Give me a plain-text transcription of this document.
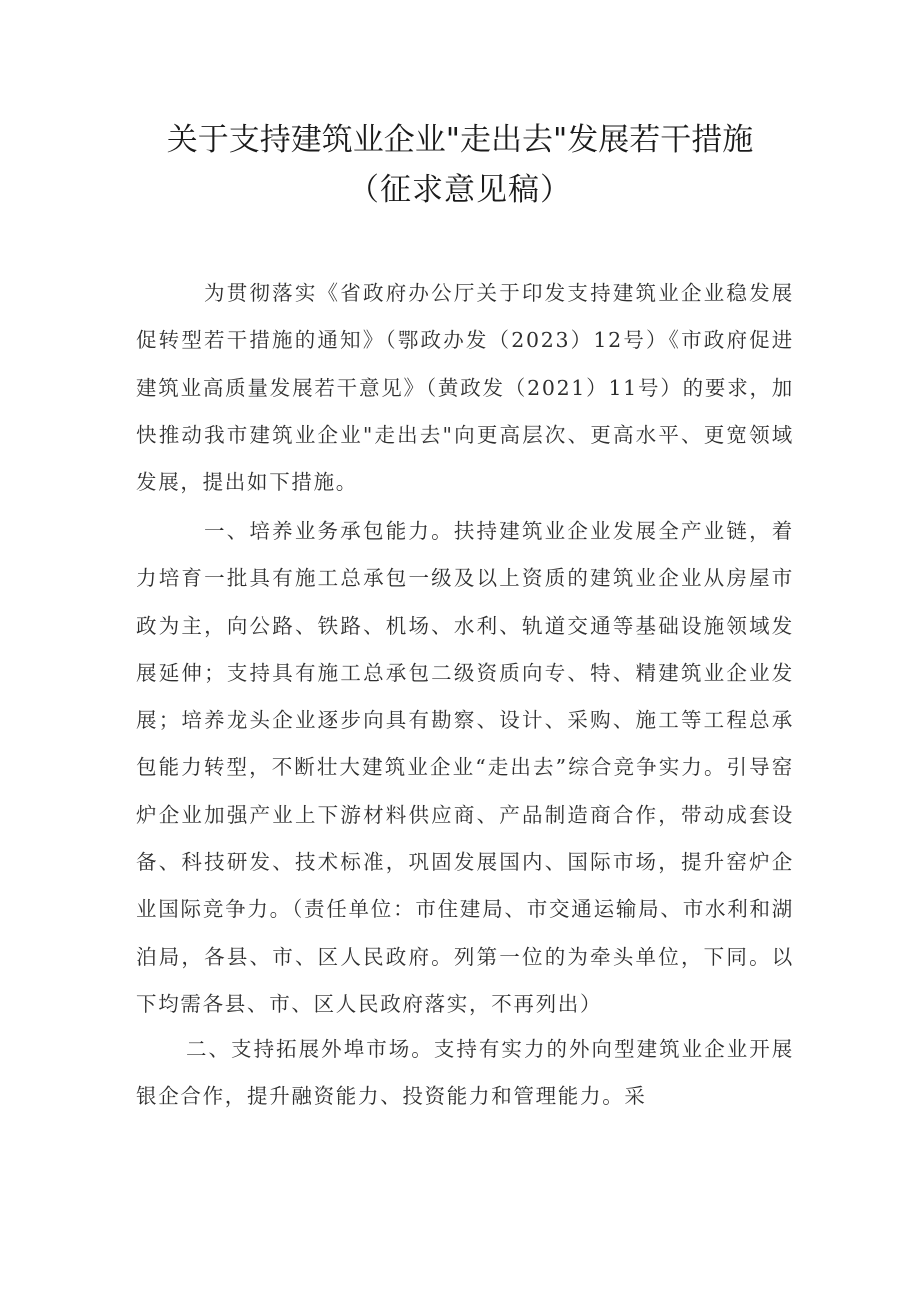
关于支持建筑业企业"走出去"发展若干措施
（征求意见稿）

为贯彻落实《省政府办公厅关于印发支持建筑业企业稳发展促转型若干措施的通知》（鄂政办发（2023）12号）《市政府促进建筑业高质量发展若干意见》（黄政发（2021）11号）的要求，加快推动我市建筑业企业"走出去"向更高层次、更高水平、更宽领域发展，提出如下措施。

一、培养业务承包能力。扶持建筑业企业发展全产业链，着力培育一批具有施工总承包一级及以上资质的建筑业企业从房屋市政为主，向公路、铁路、机场、水利、轨道交通等基础设施领域发展延伸；支持具有施工总承包二级资质向专、特、精建筑业企业发展；培养龙头企业逐步向具有勘察、设计、采购、施工等工程总承包能力转型，不断壮大建筑业企业“走出去”综合竞争实力。引导窑炉企业加强产业上下游材料供应商、产品制造商合作，带动成套设备、科技研发、技术标准，巩固发展国内、国际市场，提升窑炉企业国际竞争力。（责任单位：市住建局、市交通运输局、市水利和湖泊局，各县、市、区人民政府。列第一位的为牵头单位，下同。以下均需各县、市、区人民政府落实，不再列出）

二、支持拓展外埠市场。支持有实力的外向型建筑业企业开展银企合作，提升融资能力、投资能力和管理能力。采
